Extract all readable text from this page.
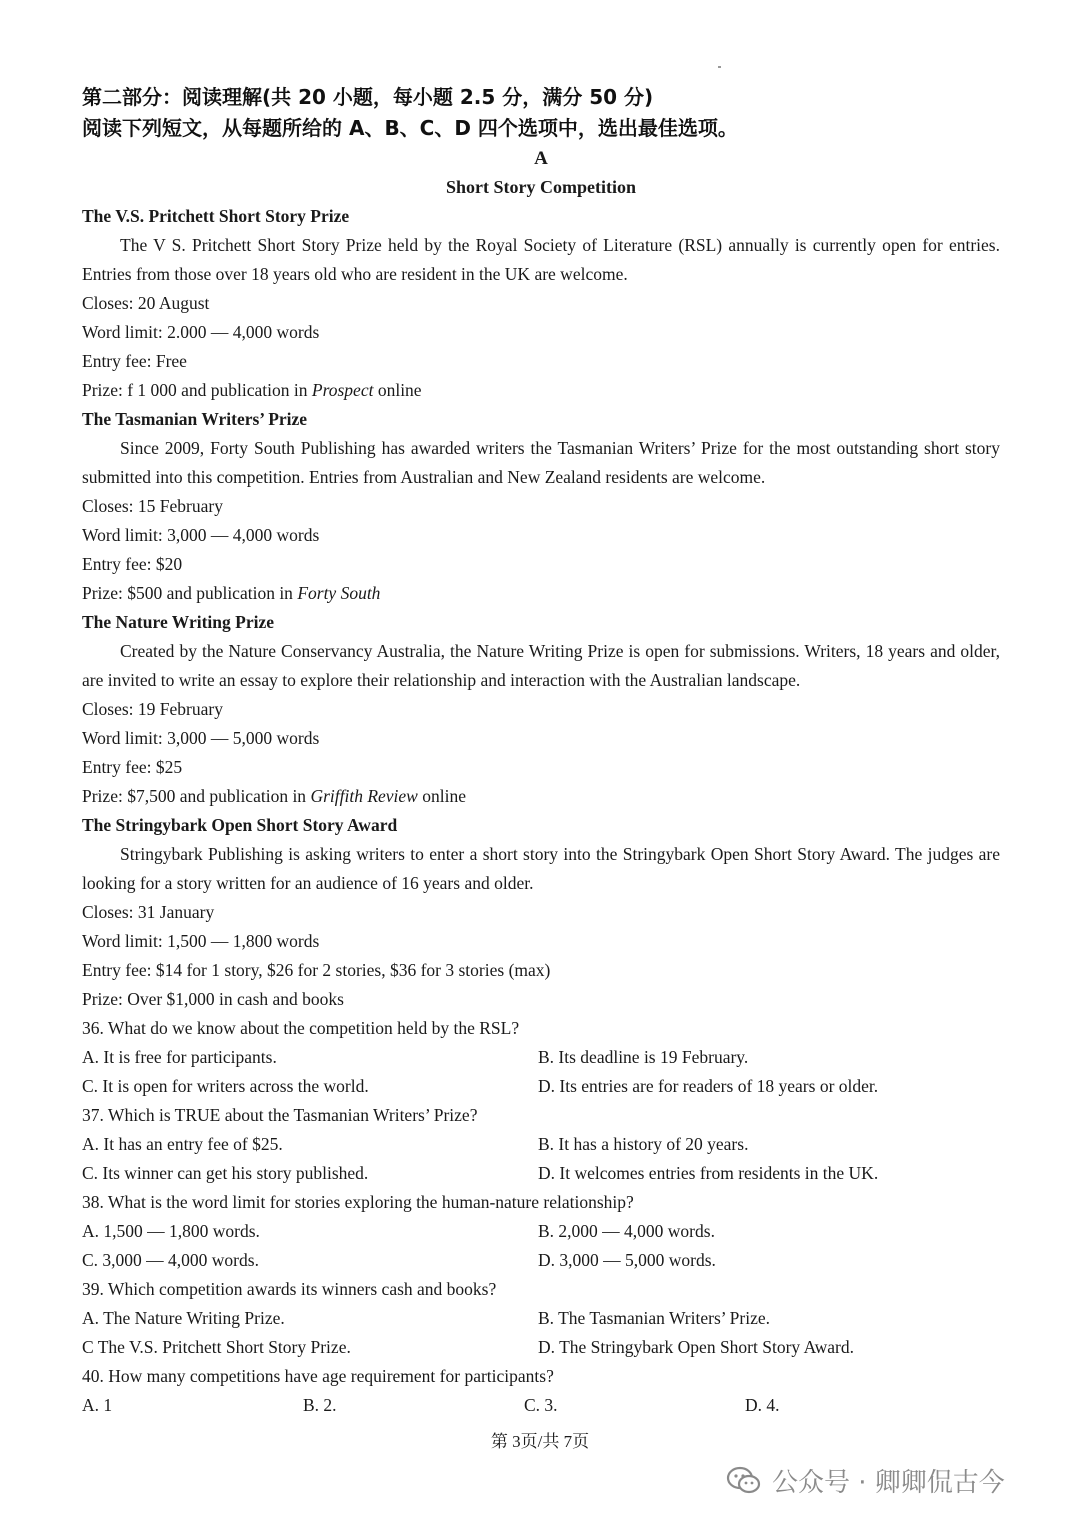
第二部分：阅读理解(共 20 小题，每小题 2.5 分，满分 50 分)
阅读下列短文，从每题所给的 A、B、C、D 四个选项中，选出最佳选项。
A
Short Story Competition
The V.S. Pritchett Short Story Prize
The V S. Pritchett Short Story Prize held by the Royal Society of Literature (RSL) annually is currently open for entries. Entries from those over 18 years old who are resident in the UK are welcome.
Closes: 20 August
Word limit: 2.000 — 4,000 words
Entry fee: Free
Prize: f 1 000 and publication in Prospect online
The Tasmanian Writers’ Prize
Since 2009, Forty South Publishing has awarded writers the Tasmanian Writers’ Prize for the most outstanding short story submitted into this competition. Entries from Australian and New Zealand residents are welcome.
Closes: 15 February
Word limit: 3,000 — 4,000 words
Entry fee: $20
Prize: $500 and publication in Forty South
The Nature Writing Prize
Created by the Nature Conservancy Australia, the Nature Writing Prize is open for submissions. Writers, 18 years and older, are invited to write an essay to explore their relationship and interaction with the Australian landscape.
Closes: 19 February
Word limit: 3,000 — 5,000 words
Entry fee: $25
Prize: $7,500 and publication in Griffith Review online
The Stringybark Open Short Story Award
Stringybark Publishing is asking writers to enter a short story into the Stringybark Open Short Story Award. The judges are looking for a story written for an audience of 16 years and older.
Closes: 31 January
Word limit: 1,500 — 1,800 words
Entry fee: $14 for 1 story, $26 for 2 stories, $36 for 3 stories (max)
Prize: Over $1,000 in cash and books
36. What do we know about the competition held by the RSL?
A. It is free for participants.	B. Its deadline is 19 February.
C. It is open for writers across the world.	D. Its entries are for readers of 18 years or older.
37. Which is TRUE about the Tasmanian Writers’ Prize?
A. It has an entry fee of $25.	B. It has a history of 20 years.
C. Its winner can get his story published.	D. It welcomes entries from residents in the UK.
38. What is the word limit for stories exploring the human-nature relationship?
A. 1,500 — 1,800 words.	B. 2,000 — 4,000 words.
C. 3,000 — 4,000 words.	D. 3,000 — 5,000 words.
39. Which competition awards its winners cash and books?
A. The Nature Writing Prize.	B. The Tasmanian Writers’ Prize.
C The V.S. Pritchett Short Story Prize.	D. The Stringybark Open Short Story Award.
40. How many competitions have age requirement for participants?
A. 1	B. 2.	C. 3.	D. 4.
第 3页/共 7页
公众号 · 卿卿侃古今
